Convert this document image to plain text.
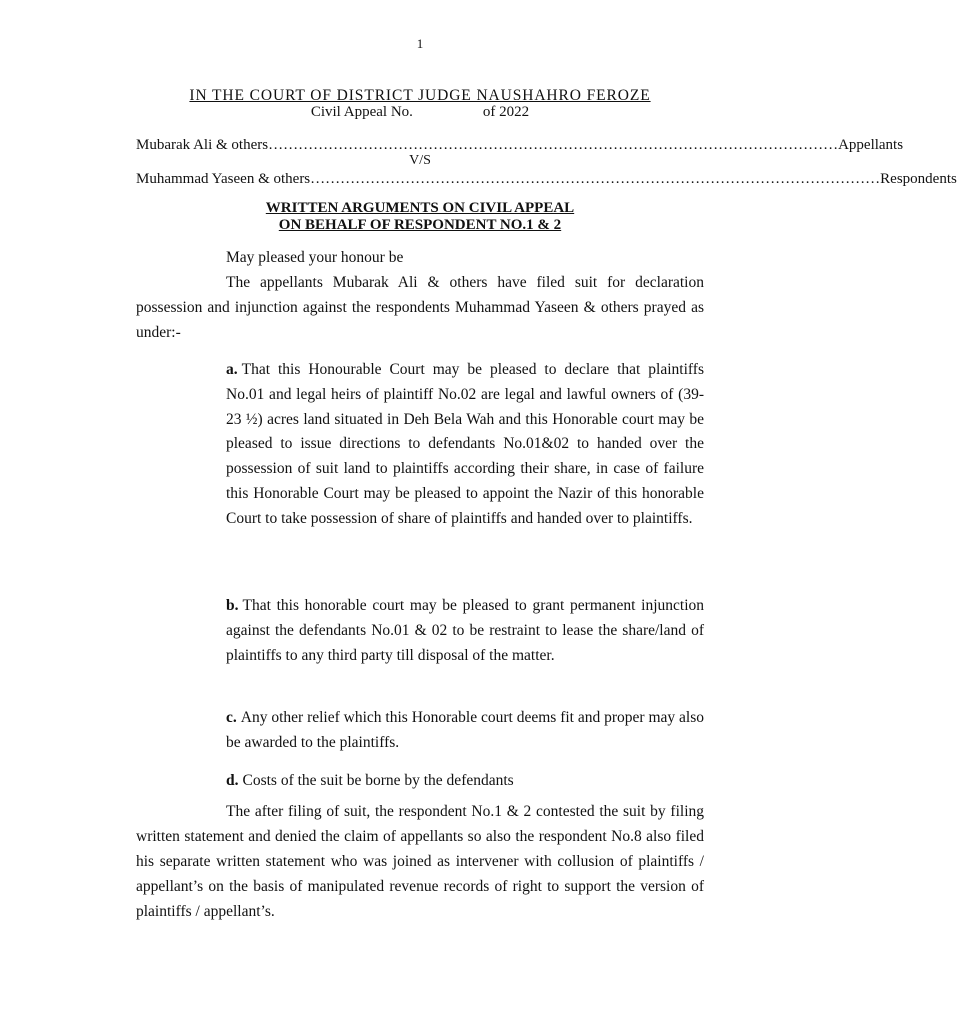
1
IN THE COURT OF DISTRICT JUDGE NAUSHAHRO FEROZE
Civil Appeal No.	of 2022
Mubarak Ali & others …………………………………………………………………………………………………… Appellants
V/S
Muhammad Yaseen & others …………………………………………………………………………………………………… Respondents
WRITTEN ARGUMENTS ON CIVIL APPEAL
ON BEHALF OF RESPONDENT NO.1 & 2
May pleased your honour be
The appellants Mubarak Ali & others have filed suit for declaration possession and injunction against the respondents Muhammad Yaseen & others prayed as under:-
a. That this Honourable Court may be pleased to declare that plaintiffs No.01 and legal heirs of plaintiff No.02 are legal and lawful owners of (39- 23 ½) acres land situated in Deh Bela Wah and this Honorable court may be pleased to issue directions to defendants No.01&02 to handed over the possession of suit land to plaintiffs according their share, in case of failure this Honorable Court may be pleased to appoint the Nazir of this honorable Court to take possession of share of plaintiffs and handed over to plaintiffs.
b. That this honorable court may be pleased to grant permanent injunction against the defendants No.01 & 02 to be restraint to lease the share/land of plaintiffs to any third party till disposal of the matter.
c. Any other relief which this Honorable court deems fit and proper may also be awarded to the plaintiffs.
d. Costs of the suit be borne by the defendants
The after filing of suit, the respondent No.1 & 2 contested the suit by filing written statement and denied the claim of appellants so also the respondent No.8 also filed his separate written statement who was joined as intervener with collusion of plaintiffs / appellant’s on the basis of manipulated revenue records of right to support the version of plaintiffs / appellant’s.
